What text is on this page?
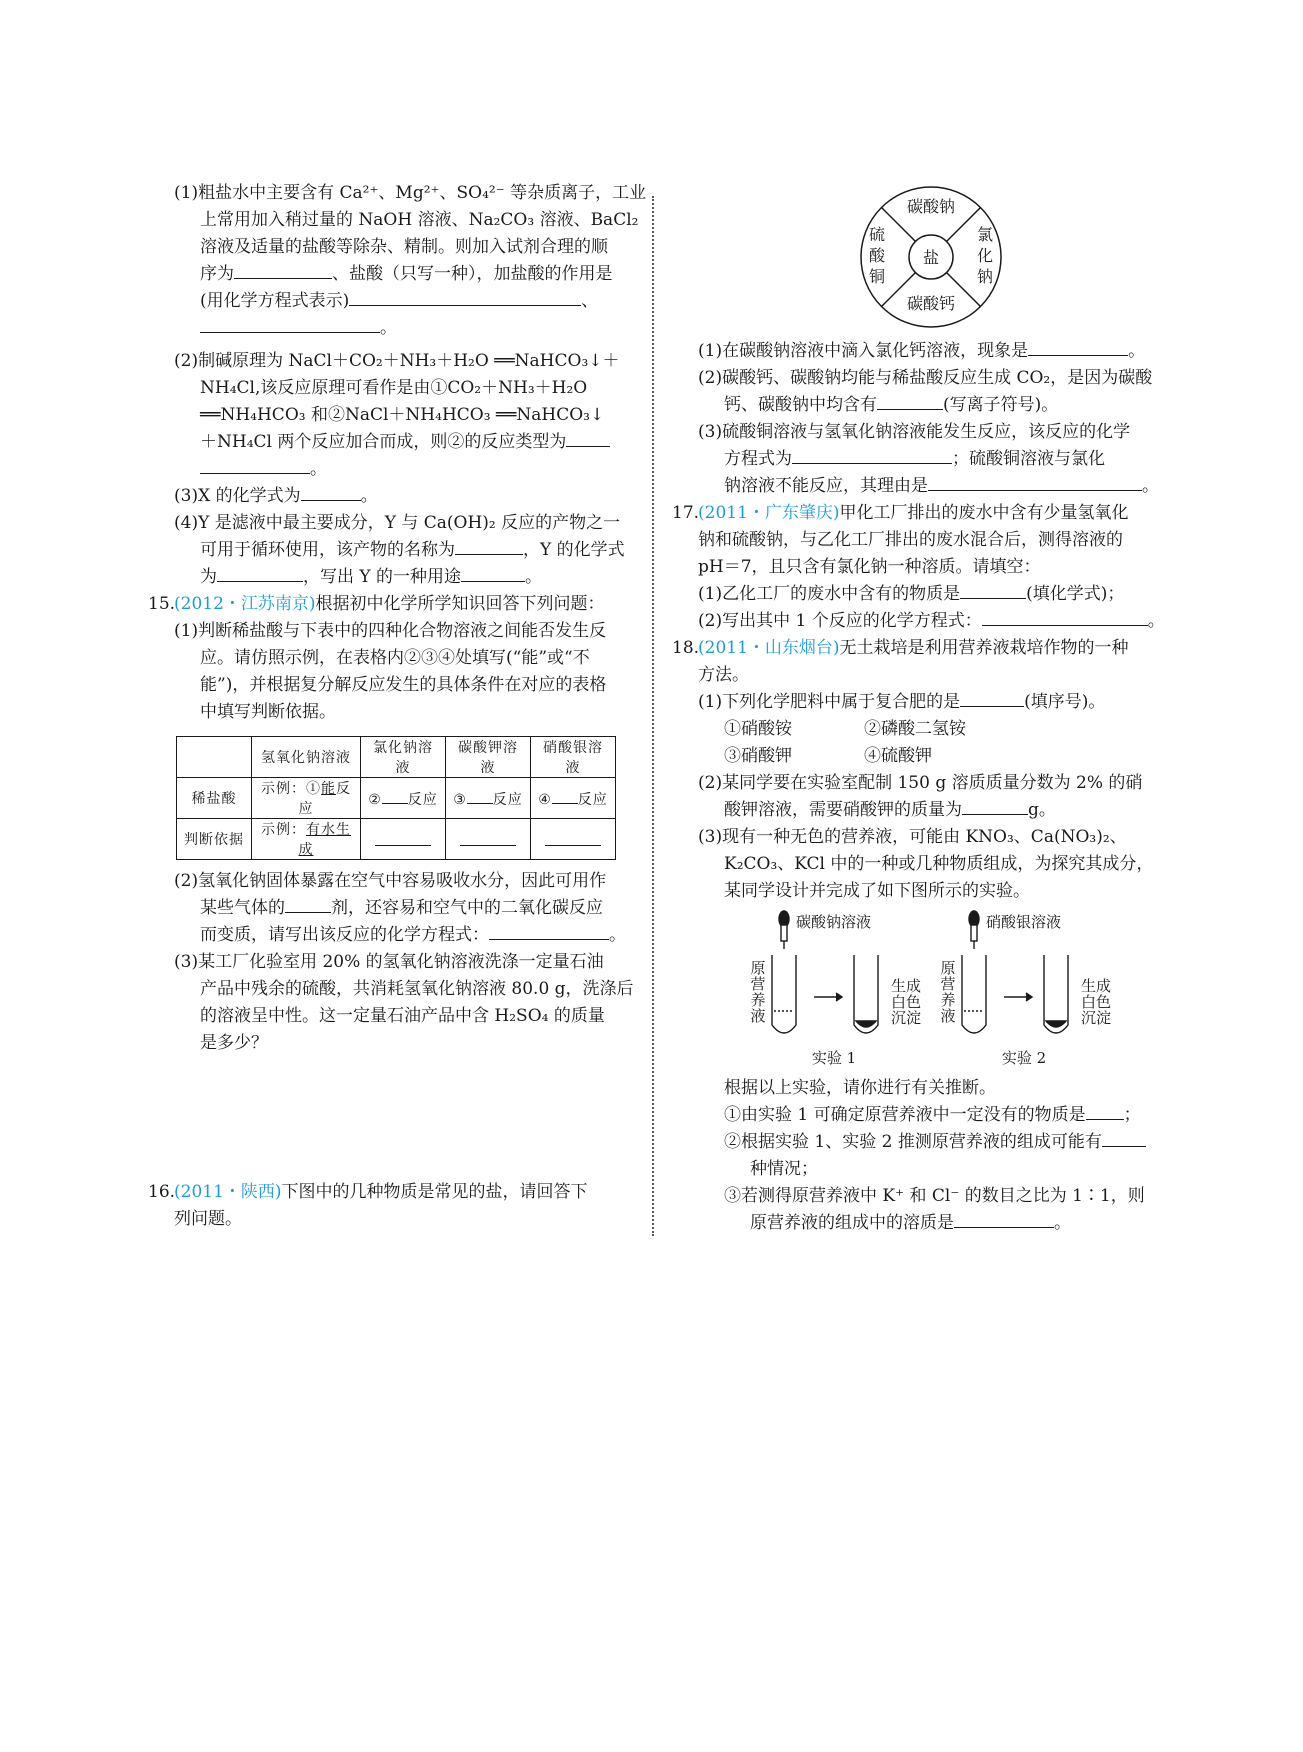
(1)粗盐水中主要含有 Ca²⁺、Mg²⁺、SO₄²⁻ 等杂质离子，工业
上常用加入稍过量的 NaOH 溶液、Na₂CO₃ 溶液、BaCl₂
溶液及适量的盐酸等除杂、精制。则加入试剂合理的顺
序为	、盐酸（只写一种），加盐酸的作用是
(用化学方程式表示)	、
。
(2)制碱原理为 NaCl＋CO₂＋NH₃＋H₂O ══NaHCO₃↓＋
NH₄Cl,该反应原理可看作是由①CO₂＋NH₃＋H₂O
══NH₄HCO₃ 和②NaCl＋NH₄HCO₃ ══NaHCO₃↓
＋NH₄Cl 两个反应加合而成，则②的反应类型为
。
(3)X 的化学式为	。
(4)Y 是滤液中最主要成分，Y 与 Ca(OH)₂ 反应的产物之一
可用于循环使用，该产物的名称为	，Y 的化学式
为	，写出 Y 的一种用途	。
15.
(2012・江苏南京)根据初中化学所学知识回答下列问题：
(1)判断稀盐酸与下表中的四种化合物溶液之间能否发生反
应。请仿照示例，在表格内②③④处填写(“能”或“不
能”)，并根据复分解反应发生的具体条件在对应的表格
中填写判断依据。
	氢氧化钠溶液	氯化钠溶液	碳酸钾溶液	硝酸银溶液
稀盐酸	示例：①能反应	② 反应	③ 反应	④ 反应
判断依据	示例：有水生成			
(2)氢氧化钠固体暴露在空气中容易吸收水分，因此可用作
某些气体的	剂，还容易和空气中的二氧化碳反应
而变质，请写出该反应的化学方程式：	。
(3)某工厂化验室用 20% 的氢氧化钠溶液洗涤一定量石油
产品中残余的硫酸，共消耗氢氧化钠溶液 80.0 g，洗涤后
的溶液呈中性。这一定量石油产品中含 H₂SO₄ 的质量
是多少？
16.
(2011・陕西)下图中的几种物质是常见的盐，请回答下
列问题。
碳酸钠
碳酸钙
盐
硫
酸
铜
氯
化
钠
(1)在碳酸钠溶液中滴入氯化钙溶液，现象是	。
(2)碳酸钙、碳酸钠均能与稀盐酸反应生成 CO₂，是因为碳酸
钙、碳酸钠中均含有	(写离子符号)。
(3)硫酸铜溶液与氢氧化钠溶液能发生反应，该反应的化学
方程式为	；硫酸铜溶液与氯化
钠溶液不能反应，其理由是	。
17.
(2011・广东肇庆)甲化工厂排出的废水中含有少量氢氧化
钠和硫酸钠，与乙化工厂排出的废水混合后，测得溶液的
pH＝7，且只含有氯化钠一种溶质。请填空：
(1)乙化工厂的废水中含有的物质是	(填化学式)；
(2)写出其中 1 个反应的化学方程式：	。
18.
(2011・山东烟台)无土栽培是利用营养液栽培作物的一种
方法。
(1)下列化学肥料中属于复合肥的是	(填序号)。
①硝酸铵	②磷酸二氢铵
③硝酸钾	④硫酸钾
(2)某同学要在实验室配制 150 g 溶质质量分数为 2% 的硝
酸钾溶液，需要硝酸钾的质量为	g。
(3)现有一种无色的营养液，可能由 KNO₃、Ca(NO₃)₂、
K₂CO₃、KCl 中的一种或几种物质组成，为探究其成分，
某同学设计并完成了如下图所示的实验。
碳酸钠溶液
原
营
养
液
生成
白色
沉淀
实验 1
硝酸银溶液
原
营
养
液
生成
白色
沉淀
实验 2
根据以上实验，请你进行有关推断。
①由实验 1 可确定原营养液中一定没有的物质是 ；
②根据实验 1、实验 2 推测原营养液的组成可能有
种情况；
③若测得原营养液中 K⁺ 和 Cl⁻ 的数目之比为 1∶1，则
原营养液的组成中的溶质是	。
